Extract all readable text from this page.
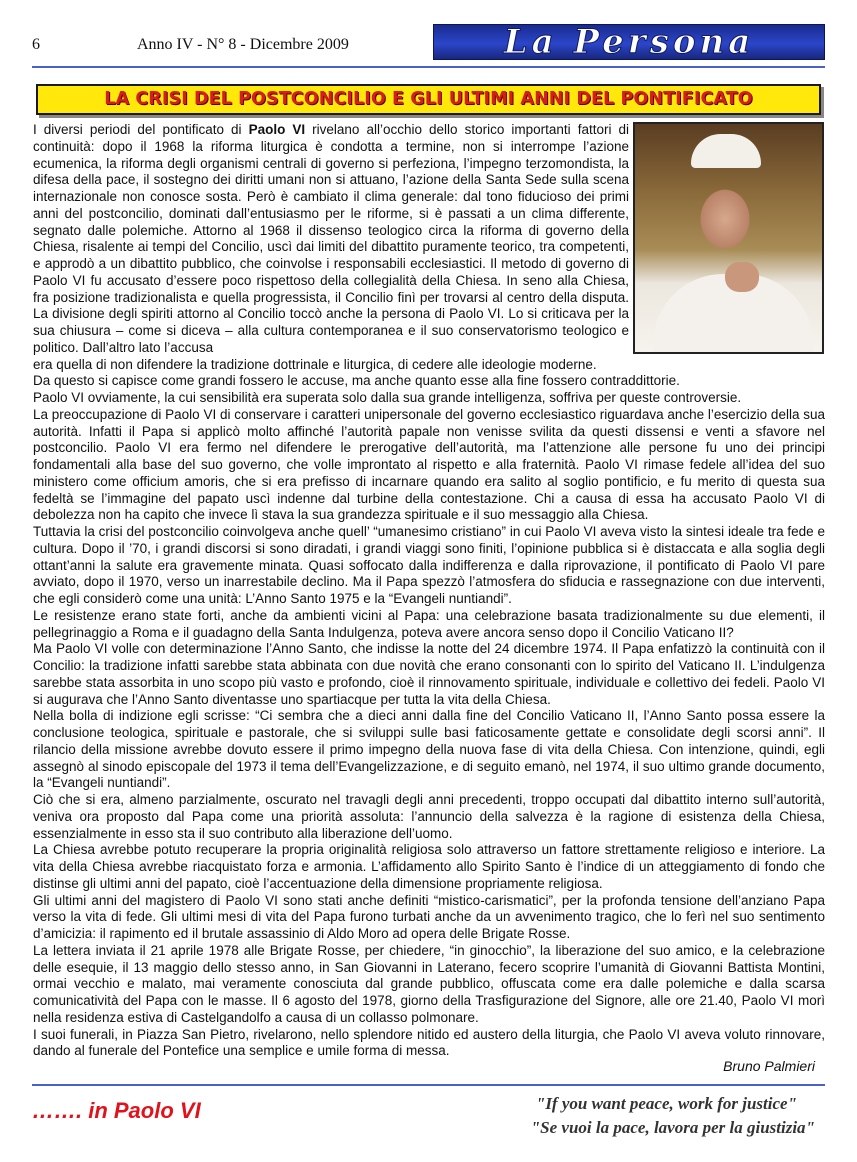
6	Anno IV - N° 8 - Dicembre 2009	La Persona
LA CRISI DEL POSTCONCILIO E GLI ULTIMI ANNI DEL PONTIFICATO

I diversi periodi del pontificato di Paolo VI rivelano all’occhio dello storico importanti fattori di continuità: dopo il 1968 la riforma liturgica è condotta a termine, non si interrompe l’azione ecumenica, la riforma degli organismi centrali di governo si perfeziona, l’impegno terzomondista, la difesa della pace, il sostegno dei diritti umani non si attuano, l’azione della Santa Sede sulla scena internazionale non conosce sosta. Però è cambiato il clima generale: dal tono fiducioso dei primi anni del postconcilio, dominati dall’entusiasmo per le riforme, si è passati a un clima differente, segnato dalle polemiche. Attorno al 1968 il dissenso teologico circa la riforma di governo della Chiesa, risalente ai tempi del Concilio, uscì dai limiti del dibattito puramente teorico, tra competenti, e approdò a un dibattito pubblico, che coinvolse i responsabili ecclesiastici. Il metodo di governo di Paolo VI fu accusato d’essere poco rispettoso della collegialità della Chiesa. In seno alla Chiesa, fra posizione tradizionalista e quella progressista, il Concilio finì per trovarsi al centro della disputa. La divisione degli spiriti attorno al Concilio toccò anche la persona di Paolo VI. Lo si criticava per la sua chiusura – come si diceva – alla cultura contemporanea e il suo conservatorismo teologico e politico. Dall’altro lato l’accusa

era quella di non difendere la tradizione dottrinale e liturgica, di cedere alle ideologie moderne.

Da questo si capisce come grandi fossero le accuse, ma anche quanto esse alla fine fossero contraddittorie.

Paolo VI ovviamente, la cui sensibilità era superata solo dalla sua grande intelligenza, soffriva per queste controversie.

La preoccupazione di Paolo VI di conservare i caratteri unipersonale del governo ecclesiastico riguardava anche l’esercizio della sua autorità. Infatti il Papa si applicò molto affinché l’autorità papale non venisse svilita da questi dissensi e venti a sfavore nel postconcilio. Paolo VI era fermo nel difendere le prerogative dell’autorità, ma l’attenzione alle persone fu uno dei principi fondamentali alla base del suo governo, che volle improntato al rispetto e alla fraternità. Paolo VI rimase fedele all’idea del suo ministero come officium amoris, che si era prefisso di incarnare quando era salito al soglio pontificio, e fu merito di questa sua fedeltà se l’immagine del papato uscì indenne dal turbine della contestazione. Chi a causa di essa ha accusato Paolo VI di debolezza non ha capito che invece lì stava la sua grandezza spirituale e il suo messaggio alla Chiesa.

Tuttavia la crisi del postconcilio coinvolgeva anche quell’ “umanesimo cristiano” in cui Paolo VI aveva visto la sintesi ideale tra fede e cultura. Dopo il ’70, i grandi discorsi si sono diradati, i grandi viaggi sono finiti, l’opinione pubblica si è distaccata e alla soglia degli ottant’anni la salute era gravemente minata. Quasi soffocato dalla indifferenza e dalla riprovazione, il pontificato di Paolo VI pare avviato, dopo il 1970, verso un inarrestabile declino. Ma il Papa spezzò l’atmosfera do sfiducia e rassegnazione con due interventi, che egli considerò come una unità: L’Anno Santo 1975 e la “Evangeli nuntiandi”.

Le resistenze erano state forti, anche da ambienti vicini al Papa: una celebrazione basata tradizionalmente su due elementi, il pellegrinaggio a Roma e il guadagno della Santa Indulgenza, poteva avere ancora senso dopo il Concilio Vaticano II?

Ma Paolo VI volle con determinazione l’Anno Santo, che indisse la notte del 24 dicembre 1974. Il Papa enfatizzò la continuità con il Concilio: la tradizione infatti sarebbe stata abbinata con due novità che erano consonanti con lo spirito del Vaticano II. L’indulgenza sarebbe stata assorbita in uno scopo più vasto e profondo, cioè il rinnovamento spirituale, individuale e collettivo dei fedeli. Paolo VI si augurava che l’Anno Santo diventasse uno spartiacque per tutta la vita della Chiesa.

Nella bolla di indizione egli scrisse: “Ci sembra che a dieci anni dalla fine del Concilio Vaticano II, l’Anno Santo possa essere la conclusione teologica, spirituale e pastorale, che si sviluppi sulle basi faticosamente gettate e consolidate degli scorsi anni”. Il rilancio della missione avrebbe dovuto essere il primo impegno della nuova fase di vita della Chiesa. Con intenzione, quindi, egli assegnò al sinodo episcopale del 1973 il tema dell’Evangelizzazione, e di seguito emanò, nel 1974, il suo ultimo grande documento, la “Evangeli nuntiandi”.

Ciò che si era, almeno parzialmente, oscurato nel travagli degli anni precedenti, troppo occupati dal dibattito interno sull’autorità, veniva ora proposto dal Papa come una priorità assoluta: l’annuncio della salvezza è la ragione di esistenza della Chiesa, essenzialmente in esso sta il suo contributo alla liberazione dell’uomo.

La Chiesa avrebbe potuto recuperare la propria originalità religiosa solo attraverso un fattore strettamente religioso e interiore. La vita della Chiesa avrebbe riacquistato forza e armonia. L’affidamento allo Spirito Santo è l’indice di un atteggiamento di fondo che distinse gli ultimi anni del papato, cioè l’accentuazione della dimensione propriamente religiosa.

Gli ultimi anni del magistero di Paolo VI sono stati anche definiti “mistico-carismatici”, per la profonda tensione dell’anziano Papa verso la vita di fede. Gli ultimi mesi di vita del Papa furono turbati anche da un avvenimento tragico, che lo ferì nel suo sentimento d’amicizia: il rapimento ed il brutale assassinio di Aldo Moro ad opera delle Brigate Rosse.

La lettera inviata il 21 aprile 1978 alle Brigate Rosse, per chiedere, “in ginocchio”, la liberazione del suo amico, e la celebrazione delle esequie, il 13 maggio dello stesso anno, in San Giovanni in Laterano, fecero scoprire l’umanità di Giovanni Battista Montini, ormai vecchio e malato, mai veramente conosciuta dal grande pubblico, offuscata come era dalle polemiche e dalla scarsa comunicatività del Papa con le masse. Il 6 agosto del 1978, giorno della Trasfigurazione del Signore, alle ore 21.40, Paolo VI morì nella residenza estiva di Castelgandolfo a causa di un collasso polmonare.

I suoi funerali, in Piazza San Pietro, rivelarono, nello splendore nitido ed austero della liturgia, che Paolo VI aveva voluto rinnovare, dando al funerale del Pontefice una semplice e umile forma di messa.

Bruno Palmieri
……. in Paolo VI	"If you want peace, work for justice"
"Se vuoi la pace, lavora per la giustizia"
